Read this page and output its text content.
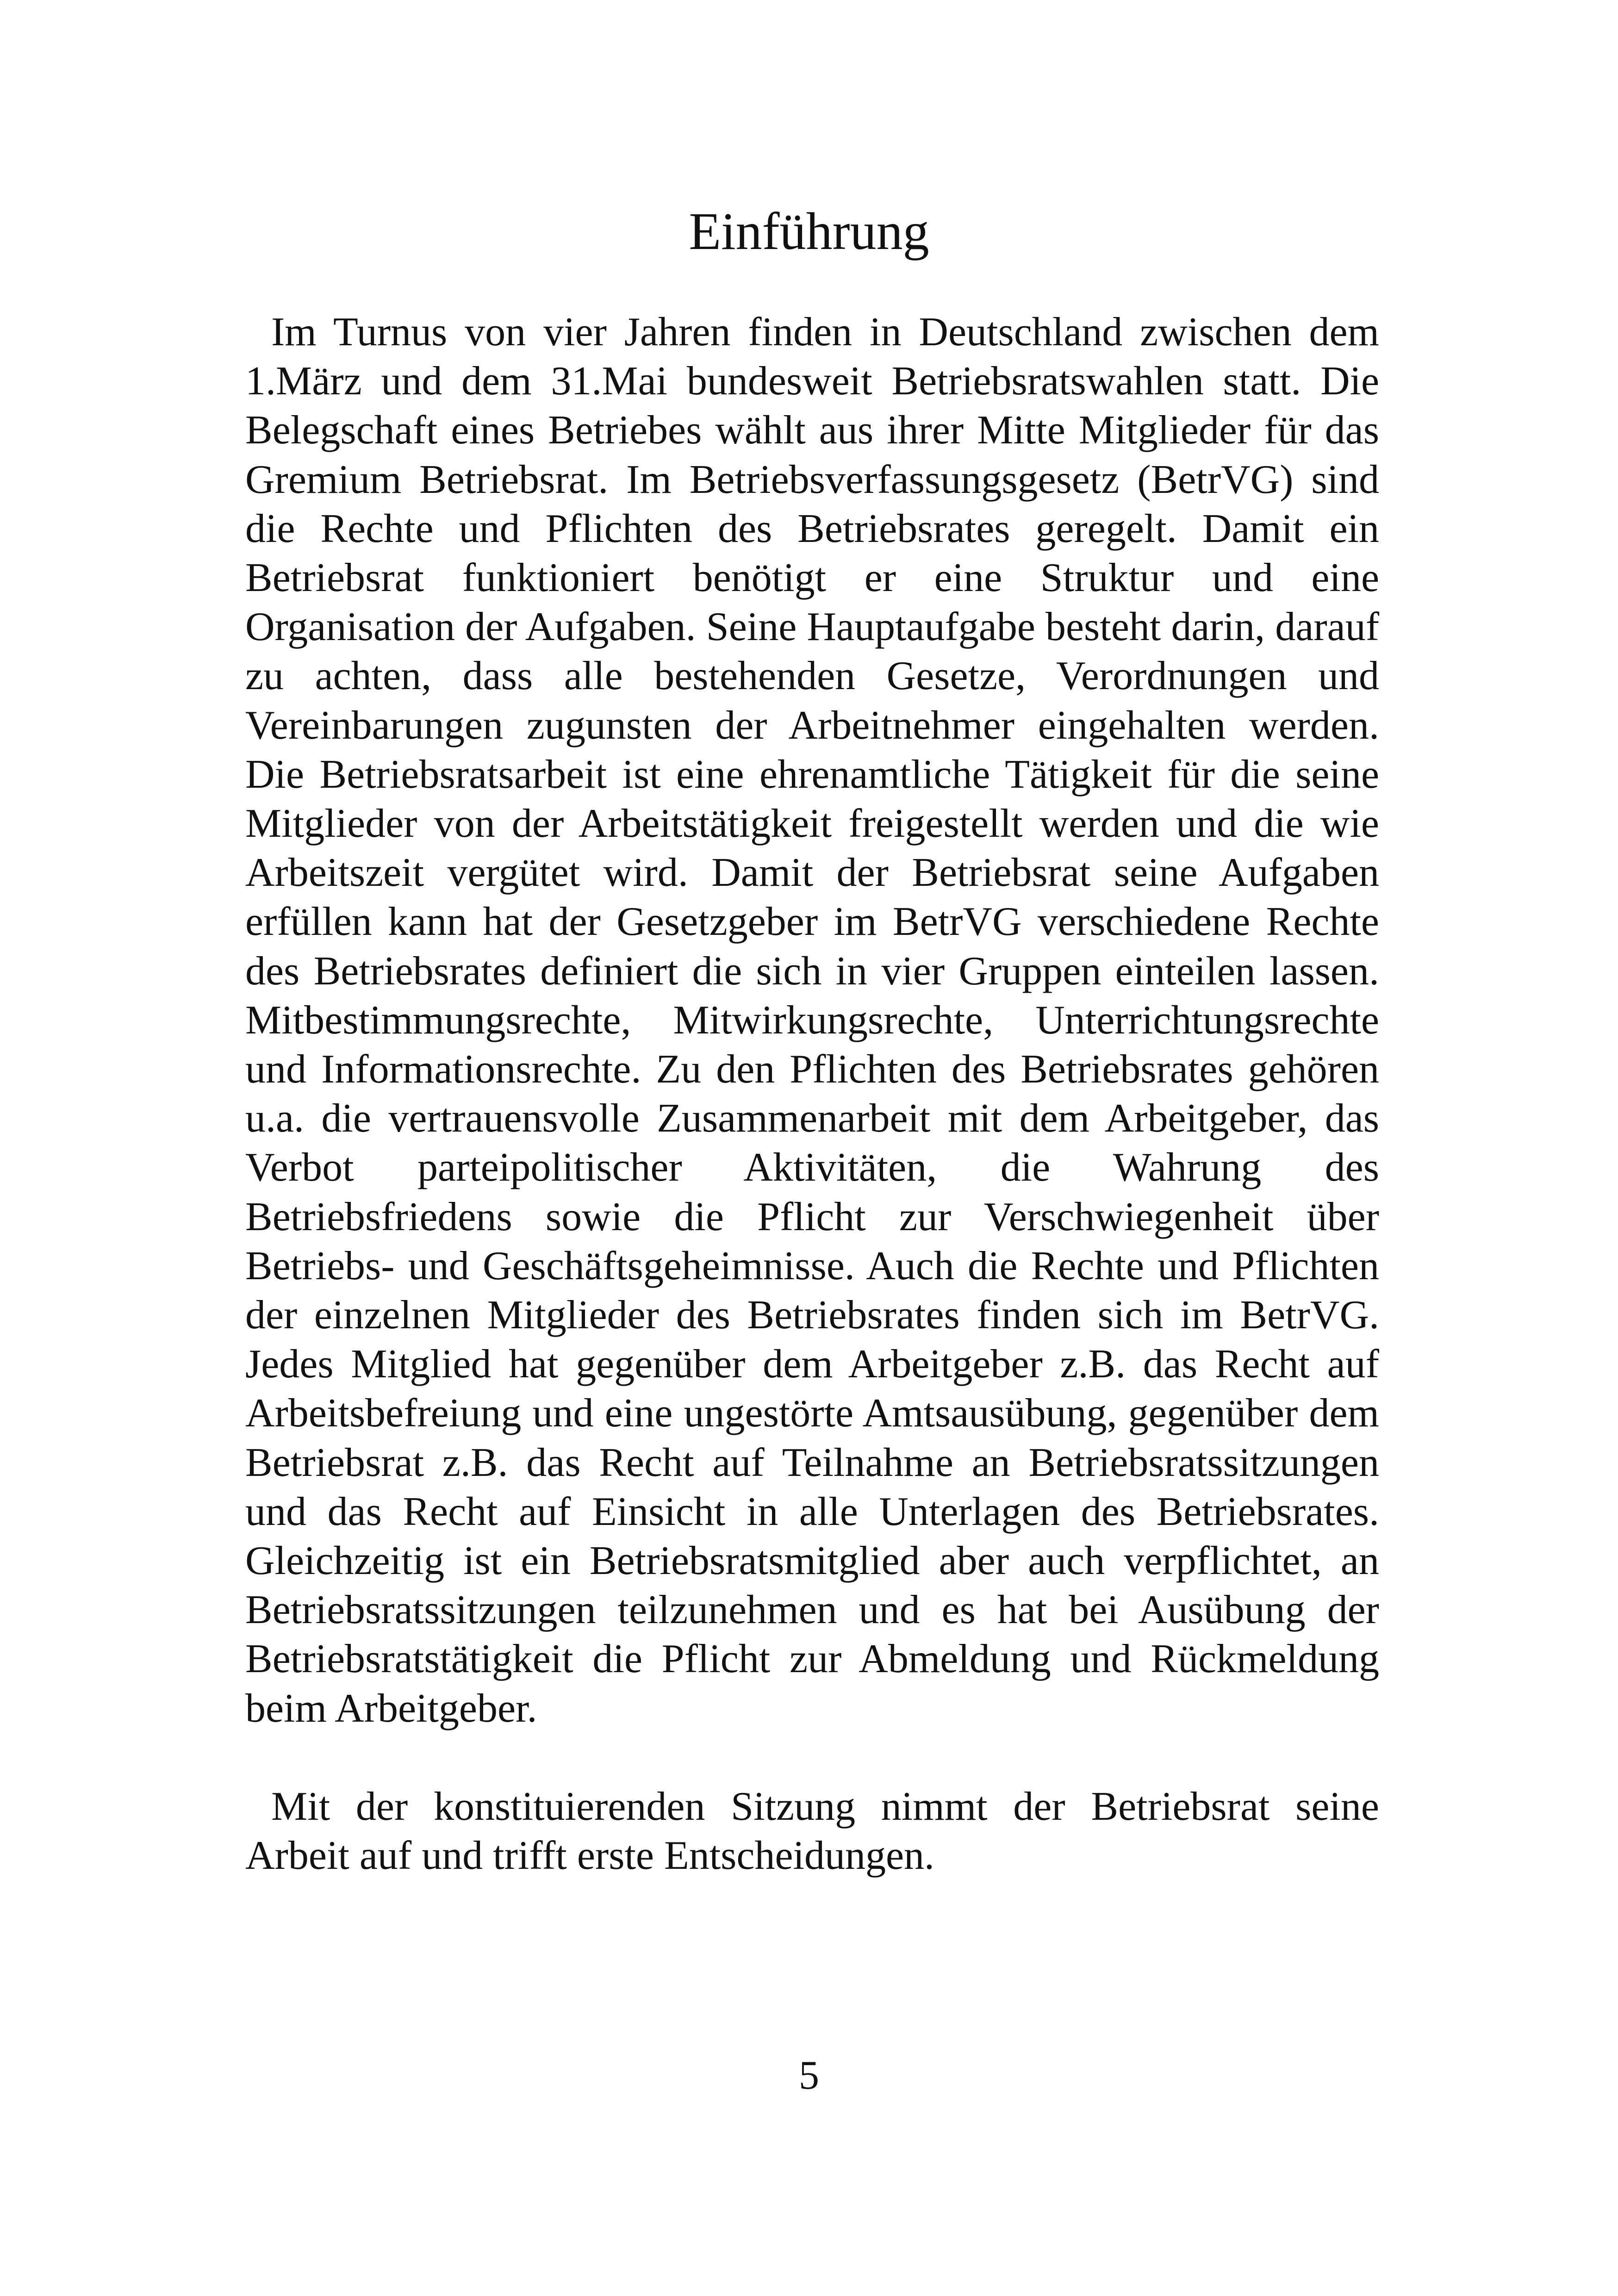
Einführung

Im Turnus von vier Jahren finden in Deutschland zwischen dem 1.März und dem 31.Mai bundesweit Betriebsratswahlen statt. Die Belegschaft eines Betriebes wählt aus ihrer Mitte Mitglieder für das Gremium Betriebsrat. Im Betriebsverfassungsgesetz (BetrVG) sind die Rechte und Pflichten des Betriebsrates geregelt. Damit ein Betriebsrat funktioniert benötigt er eine Struktur und eine Organisation der Aufgaben. Seine Hauptaufgabe besteht darin, darauf zu achten, dass alle bestehenden Gesetze, Verordnungen und Vereinbarungen zugunsten der Arbeitnehmer eingehalten werden. Die Betriebsratsarbeit ist eine ehrenamtliche Tätigkeit für die seine Mitglieder von der Arbeitstätigkeit freigestellt werden und die wie Arbeitszeit vergütet wird. Damit der Betriebsrat seine Aufgaben erfüllen kann hat der Gesetzgeber im BetrVG verschiedene Rechte des Betriebsrates definiert die sich in vier Gruppen einteilen lassen. Mitbestimmungsrechte, Mitwirkungsrechte, Unterrichtungsrechte und Informationsrechte. Zu den Pflichten des Betriebsrates gehören u.a. die vertrauensvolle Zusammenarbeit mit dem Arbeitgeber, das Verbot parteipolitischer Aktivitäten, die Wahrung des Betriebsfriedens sowie die Pflicht zur Verschwiegenheit über Betriebs- und Geschäftsgeheimnisse. Auch die Rechte und Pflichten der einzelnen Mitglieder des Betriebsrates finden sich im BetrVG. Jedes Mitglied hat gegenüber dem Arbeitgeber z.B. das Recht auf Arbeitsbefreiung und eine ungestörte Amtsausübung, gegenüber dem Betriebsrat z.B. das Recht auf Teilnahme an Betriebsratssitzungen und das Recht auf Einsicht in alle Unterlagen des Betriebsrates. Gleichzeitig ist ein Betriebsratsmitglied aber auch verpflichtet, an Betriebsratssitzungen teilzunehmen und es hat bei Ausübung der Betriebsratstätigkeit die Pflicht zur Abmeldung und Rückmeldung beim Arbeitgeber.

Mit der konstituierenden Sitzung nimmt der Betriebsrat seine Arbeit auf und trifft erste Entscheidungen.

5
